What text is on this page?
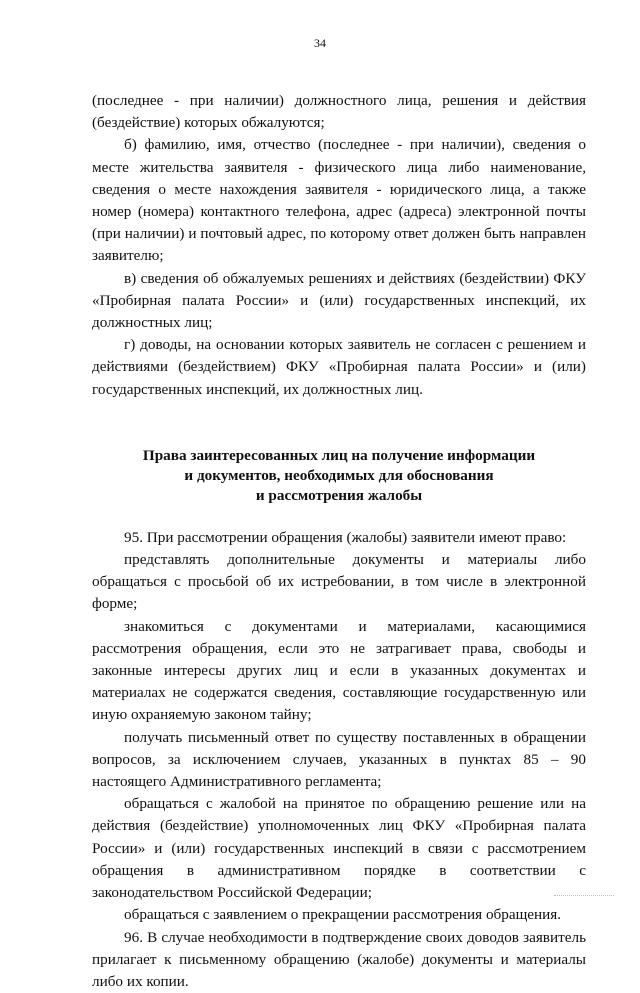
34

(последнее - при наличии) должностного лица, решения и действия (бездействие) которых обжалуются;

б) фамилию, имя, отчество (последнее - при наличии), сведения о месте жительства заявителя - физического лица либо наименование, сведения о месте нахождения заявителя - юридического лица, а также номер (номера) контактного телефона, адрес (адреса) электронной почты (при наличии) и почтовый адрес, по которому ответ должен быть направлен заявителю;

в) сведения об обжалуемых решениях и действиях (бездействии) ФКУ «Пробирная палата России» и (или) государственных инспекций, их должностных лиц;

г) доводы, на основании которых заявитель не согласен с решением и действиями (бездействием) ФКУ «Пробирная палата России» и (или) государственных инспекций, их должностных лиц.

Права заинтересованных лиц на получение информации
и документов, необходимых для обоснования
и рассмотрения жалобы

95. При рассмотрении обращения (жалобы) заявители имеют право:

представлять дополнительные документы и материалы либо обращаться с просьбой об их истребовании, в том числе в электронной форме;

знакомиться с документами и материалами, касающимися рассмотрения обращения, если это не затрагивает права, свободы и законные интересы других лиц и если в указанных документах и материалах не содержатся сведения, составляющие государственную или иную охраняемую законом тайну;

получать письменный ответ по существу поставленных в обращении вопросов, за исключением случаев, указанных в пунктах 85 – 90 настоящего Административного регламента;

обращаться с жалобой на принятое по обращению решение или на действия (бездействие) уполномоченных лиц ФКУ «Пробирная палата России» и (или) государственных инспекций в связи с рассмотрением обращения в административном порядке в соответствии с законодательством Российской Федерации;

обращаться с заявлением о прекращении рассмотрения обращения.

96. В случае необходимости в подтверждение своих доводов заявитель прилагает к письменному обращению (жалобе) документы и материалы либо их копии.
